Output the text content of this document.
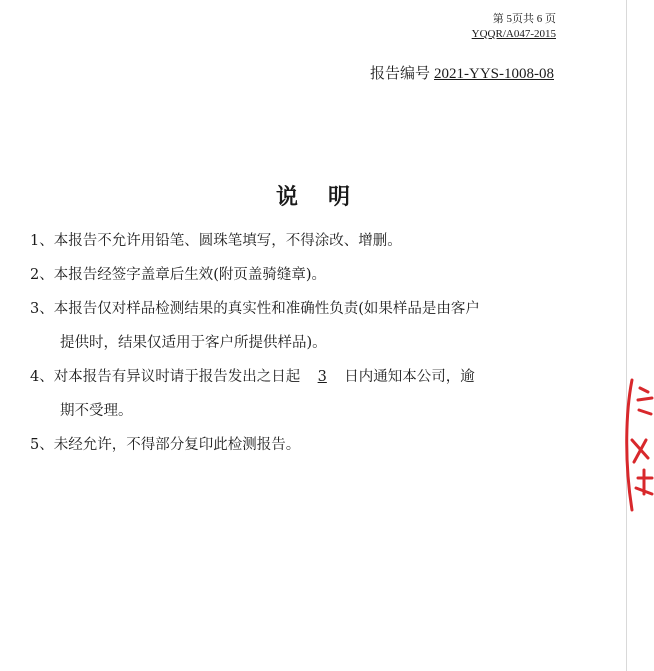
第 5页共 6 页
YQQR/A047-2015
报告编号 2021-YYS-1008-08
说明

1、本报告不允许用铅笔、圆珠笔填写，不得涂改、增删。

2、本报告经签字盖章后生效(附页盖骑缝章)。

3、本报告仅对样品检测结果的真实性和准确性负责(如果样品是由客户

提供时，结果仅适用于客户所提供样品)。

4、对本报告有异议时请于报告发出之日起 3 日内通知本公司，逾

期不受理。

5、未经允许，不得部分复印此检测报告。
